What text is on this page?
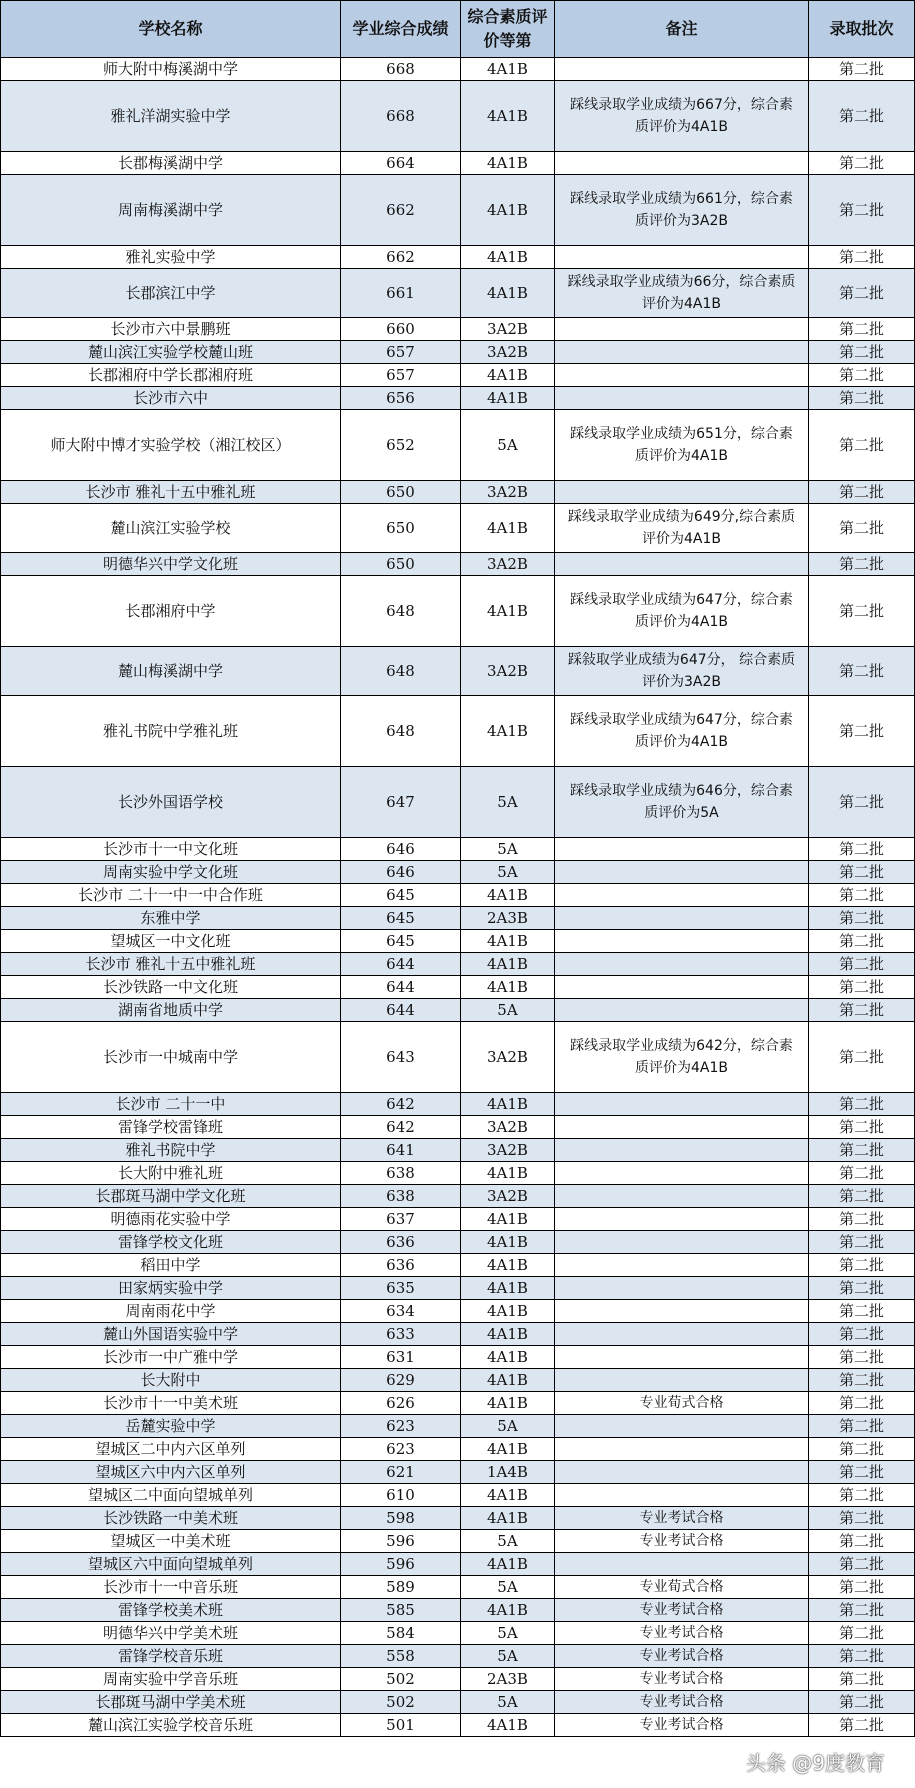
学校名称	学业综合成绩	综合素质评价等第	备注	录取批次
师大附中梅溪湖中学	668	4A1B		第二批
雅礼洋湖实验中学	668	4A1B	踩线录取学业成绩为667分，综合素质评价为4A1B	第二批
长郡梅溪湖中学	664	4A1B		第二批
周南梅溪湖中学	662	4A1B	踩线录取学业成绩为661分，综合素质评价为3A2B	第二批
雅礼实验中学	662	4A1B		第二批
长郡滨江中学	661	4A1B	踩线录取学业成绩为66分，综合素质评价为4A1B	第二批
长沙市六中景鹏班	660	3A2B		第二批
麓山滨江实验学校麓山班	657	3A2B		第二批
长郡湘府中学长郡湘府班	657	4A1B		第二批
长沙市六中	656	4A1B		第二批
师大附中博才实验学校（湘江校区）	652	5A	踩线录取学业成绩为651分，综合素质评价为4A1B	第二批
长沙市 雅礼十五中雅礼班	650	3A2B		第二批
麓山滨江实验学校	650	4A1B	踩线录取学业成绩为649分,综合素质评价为4A1B	第二批
明德华兴中学文化班	650	3A2B		第二批
长郡湘府中学	648	4A1B	踩线录取学业成绩为647分，综合素质评价为4A1B	第二批
麓山梅溪湖中学	648	3A2B	踩敍取学业成绩为647分， 综合素质评价为3A2B	第二批
雅礼书院中学雅礼班	648	4A1B	踩线录取学业成绩为647分，综合素质评价为4A1B	第二批
长沙外国语学校	647	5A	踩线录取学业成绩为646分，综合素质评价为5A	第二批
长沙市十一中文化班	646	5A		第二批
周南实验中学文化班	646	5A		第二批
长沙市 二十一中一中合作班	645	4A1B		第二批
东雅中学	645	2A3B		第二批
望城区一中文化班	645	4A1B		第二批
长沙市 雅礼十五中雅礼班	644	4A1B		第二批
长沙铁路一中文化班	644	4A1B		第二批
湖南省地质中学	644	5A		第二批
长沙市一中城南中学	643	3A2B	踩线录取学业成绩为642分，综合素质评价为4A1B	第二批
长沙市 二十一中	642	4A1B		第二批
雷锋学校雷锋班	642	3A2B		第二批
雅礼书院中学	641	3A2B		第二批
长大附中雅礼班	638	4A1B		第二批
长郡斑马湖中学文化班	638	3A2B		第二批
明德雨花实验中学	637	4A1B		第二批
雷锋学校文化班	636	4A1B		第二批
稻田中学	636	4A1B		第二批
田家炳实验中学	635	4A1B		第二批
周南雨花中学	634	4A1B		第二批
麓山外国语实验中学	633	4A1B		第二批
长沙市一中广雅中学	631	4A1B		第二批
长大附中	629	4A1B		第二批
长沙市十一中美术班	626	4A1B	专业荀式合格	第二批
岳麓实验中学	623	5A		第二批
望城区二中内六区单列	623	4A1B		第二批
望城区六中内六区单列	621	1A4B		第二批
望城区二中面向望城单列	610	4A1B		第二批
长沙铁路一中美术班	598	4A1B	专业考试合格	第二批
望城区一中美术班	596	5A	专业考试合格	第二批
望城区六中面向望城单列	596	4A1B		第二批
长沙市十一中音乐班	589	5A	专业荀式合格	第二批
雷锋学校美术班	585	4A1B	专业考试合格	第二批
明德华兴中学美术班	584	5A	专业考试合格	第二批
雷锋学校音乐班	558	5A	专业考试合格	第二批
周南实验中学音乐班	502	2A3B	专业考试合格	第二批
长郡斑马湖中学美术班	502	5A	专业考试合格	第二批
麓山滨江实验学校音乐班	501	4A1B	专业考试合格	第二批
头条 @9度教育
